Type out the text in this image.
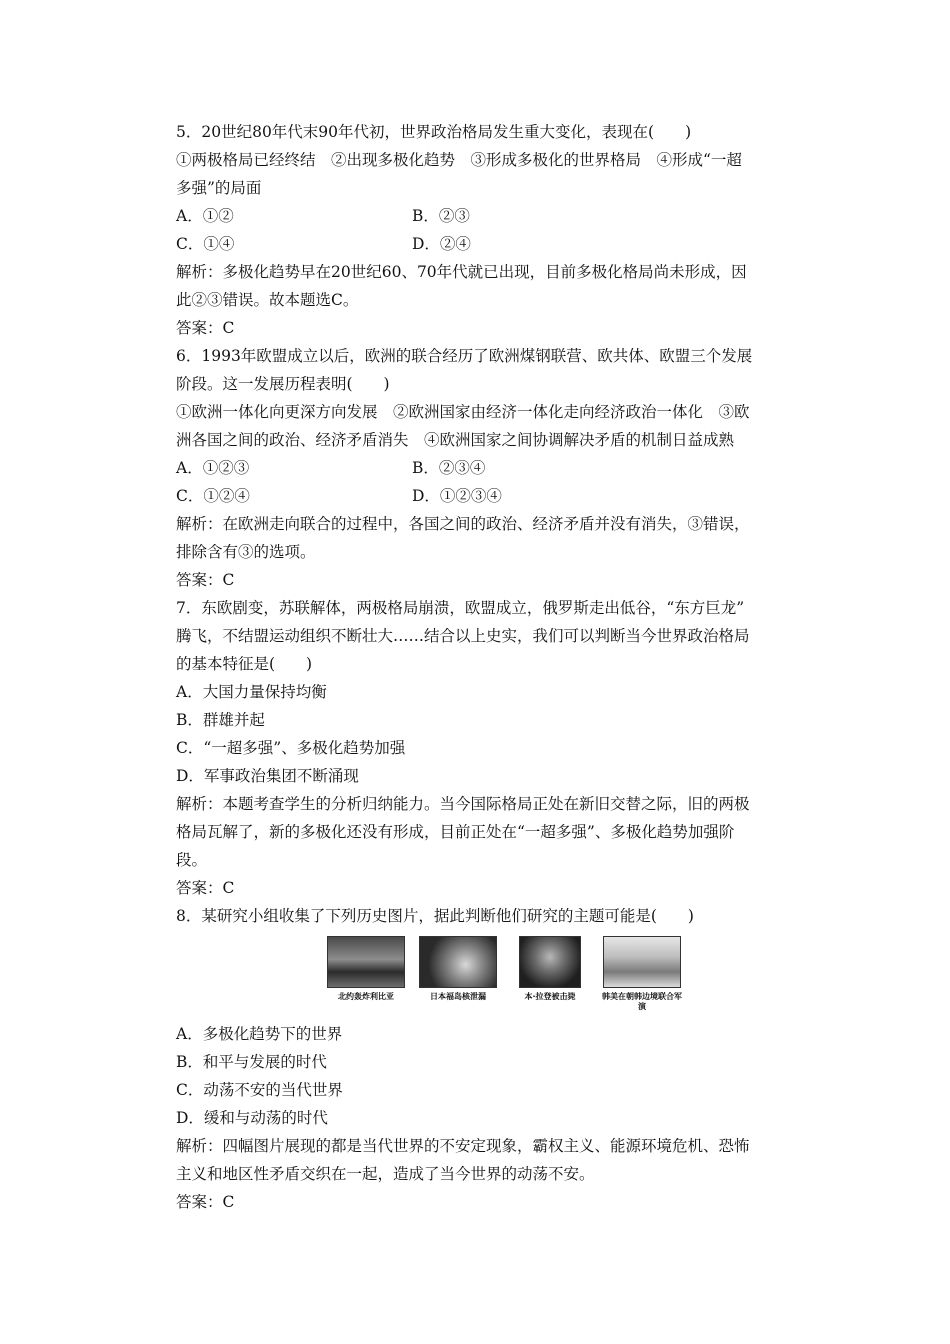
5．20世纪80年代末90年代初，世界政治格局发生重大变化，表现在(　　)
①两极格局已经终结　②出现多极化趋势　③形成多极化的世界格局　④形成“一超
多强”的局面
A．①②	B．②③
C．①④	D．②④
解析：多极化趋势早在20世纪60、70年代就已出现，目前多极化格局尚未形成，因
此②③错误。故本题选C。
答案：C
6．1993年欧盟成立以后，欧洲的联合经历了欧洲煤钢联营、欧共体、欧盟三个发展
阶段。这一发展历程表明(　　)
①欧洲一体化向更深方向发展　②欧洲国家由经济一体化走向经济政治一体化　③欧
洲各国之间的政治、经济矛盾消失　④欧洲国家之间协调解决矛盾的机制日益成熟
A．①②③	B．②③④
C．①②④	D．①②③④
解析：在欧洲走向联合的过程中，各国之间的政治、经济矛盾并没有消失，③错误，
排除含有③的选项。
答案：C
7．东欧剧变，苏联解体，两极格局崩溃，欧盟成立，俄罗斯走出低谷，“东方巨龙”
腾飞，不结盟运动组织不断壮大……结合以上史实，我们可以判断当今世界政治格局
的基本特征是(　　)
A．大国力量保持均衡
B．群雄并起
C．“一超多强”、多极化趋势加强
D．军事政治集团不断涌现
解析：本题考查学生的分析归纳能力。当今国际格局正处在新旧交替之际，旧的两极
格局瓦解了，新的多极化还没有形成，目前正处在“一超多强”、多极化趋势加强阶
段。
答案：C
8．某研究小组收集了下列历史图片，据此判断他们研究的主题可能是(　　)
北约轰炸利比亚	日本福岛核泄漏	本·拉登被击毙	韩美在朝韩边境联合军演
A．多极化趋势下的世界
B．和平与发展的时代
C．动荡不安的当代世界
D．缓和与动荡的时代
解析：四幅图片展现的都是当代世界的不安定现象，霸权主义、能源环境危机、恐怖
主义和地区性矛盾交织在一起，造成了当今世界的动荡不安。
答案：C
